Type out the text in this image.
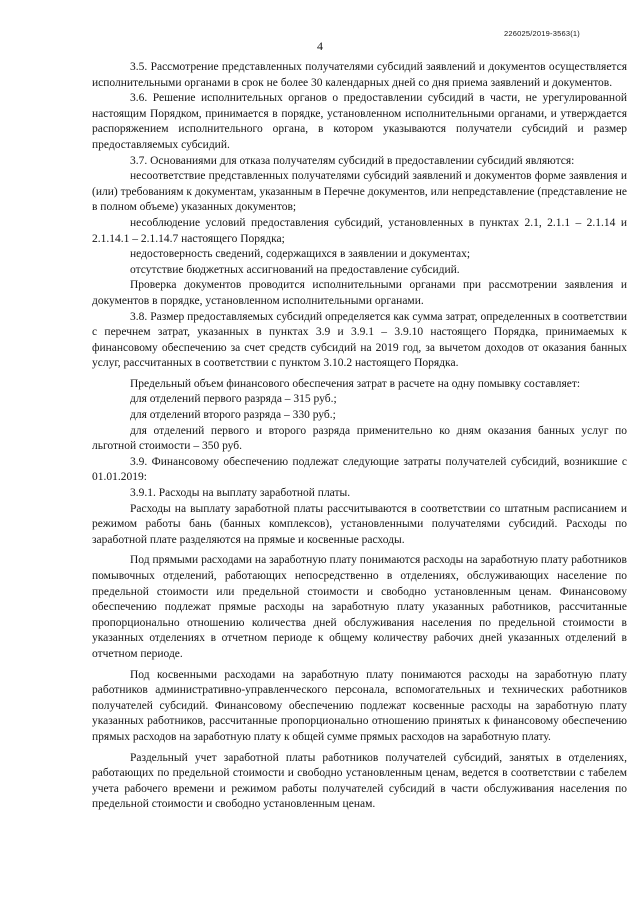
226025/2019-3563(1)
4

3.5. Рассмотрение представленных получателями субсидий заявлений и документов осуществляется исполнительными органами в срок не более 30 календарных дней со дня приема заявлений и документов.

3.6. Решение исполнительных органов о предоставлении субсидий в части, не урегулированной настоящим Порядком, принимается в порядке, установленном исполнительными органами, и утверждается распоряжением исполнительного органа, в котором указываются получатели субсидий и размер предоставляемых субсидий.

3.7. Основаниями для отказа получателям субсидий в предоставлении субсидий являются:

несоответствие представленных получателями субсидий заявлений и документов форме заявления и (или) требованиям к документам, указанным в Перечне документов, или непредставление (представление не в полном объеме) указанных документов;

несоблюдение условий предоставления субсидий, установленных в пунктах 2.1, 2.1.1 – 2.1.14 и 2.1.14.1 – 2.1.14.7 настоящего Порядка;

недостоверность сведений, содержащихся в заявлении и документах;

отсутствие бюджетных ассигнований на предоставление субсидий.

Проверка документов проводится исполнительными органами при рассмотрении заявления и документов в порядке, установленном исполнительными органами.

3.8. Размер предоставляемых субсидий определяется как сумма затрат, определенных в соответствии с перечнем затрат, указанных в пунктах 3.9 и 3.9.1 – 3.9.10 настоящего Порядка, принимаемых к финансовому обеспечению за счет средств субсидий на 2019 год, за вычетом доходов от оказания банных услуг, рассчитанных в соответствии с пунктом 3.10.2 настоящего Порядка.

Предельный объем финансового обеспечения затрат в расчете на одну помывку составляет:

для отделений первого разряда – 315 руб.;

для отделений второго разряда – 330 руб.;

для отделений первого и второго разряда применительно ко дням оказания банных услуг по льготной стоимости – 350 руб.

3.9. Финансовому обеспечению подлежат следующие затраты получателей субсидий, возникшие с 01.01.2019:

3.9.1. Расходы на выплату заработной платы.

Расходы на выплату заработной платы рассчитываются в соответствии со штатным расписанием и режимом работы бань (банных комплексов), установленными получателями субсидий. Расходы по заработной плате разделяются на прямые и косвенные расходы.

Под прямыми расходами на заработную плату понимаются расходы на заработную плату работников помывочных отделений, работающих непосредственно в отделениях, обслуживающих население по предельной стоимости или предельной стоимости и свободно установленным ценам. Финансовому обеспечению подлежат прямые расходы на заработную плату указанных работников, рассчитанные пропорционально отношению количества дней обслуживания населения по предельной стоимости в указанных отделениях в отчетном периоде к общему количеству рабочих дней указанных отделений в отчетном периоде.

Под косвенными расходами на заработную плату понимаются расходы на заработную плату работников административно-управленческого персонала, вспомогательных и технических работников получателей субсидий. Финансовому обеспечению подлежат косвенные расходы на заработную плату указанных работников, рассчитанные пропорционально отношению принятых к финансовому обеспечению прямых расходов на заработную плату к общей сумме прямых расходов на заработную плату.

Раздельный учет заработной платы работников получателей субсидий, занятых в отделениях, работающих по предельной стоимости и свободно установленным ценам, ведется в соответствии с табелем учета рабочего времени и режимом работы получателей субсидий в части обслуживания населения по предельной стоимости и свободно установленным ценам.
